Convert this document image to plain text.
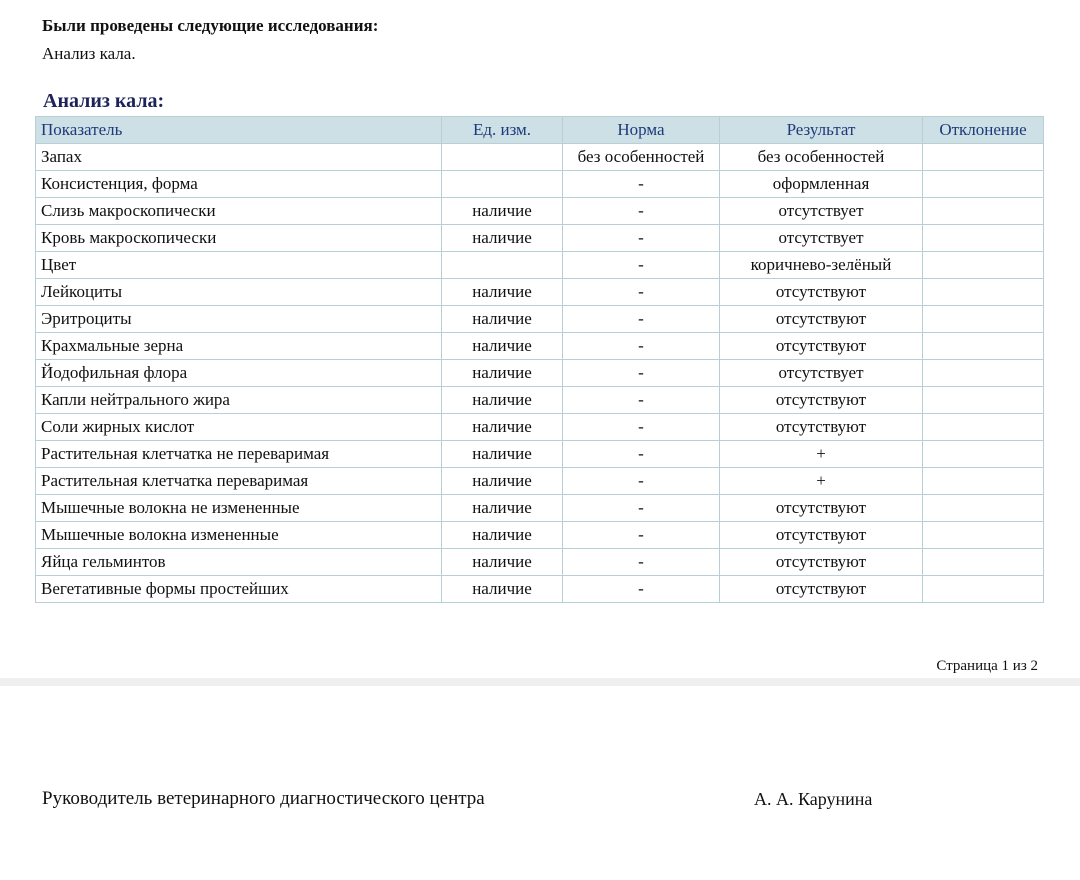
Были проведены следующие исследования:
Анализ кала.
Анализ кала:
Показатель	Ед. изм.	Норма	Результат	Отклонение
Запах		без особенностей	без особенностей	
Консистенция, форма		-	оформленная	
Слизь макроскопически	наличие	-	отсутствует	
Кровь макроскопически	наличие	-	отсутствует	
Цвет		-	коричнево-зелёный	
Лейкоциты	наличие	-	отсутствуют	
Эритроциты	наличие	-	отсутствуют	
Крахмальные зерна	наличие	-	отсутствуют	
Йодофильная флора	наличие	-	отсутствует	
Капли нейтрального жира	наличие	-	отсутствуют	
Соли жирных кислот	наличие	-	отсутствуют	
Растительная клетчатка не переваримая	наличие	-	+	
Растительная клетчатка переваримая	наличие	-	+	
Мышечные волокна не измененные	наличие	-	отсутствуют	
Мышечные волокна измененные	наличие	-	отсутствуют	
Яйца гельминтов	наличие	-	отсутствуют	
Вегетативные формы простейших	наличие	-	отсутствуют	
Страница 1 из 2
Руководитель ветеринарного диагностического центра	А. А. Карунина
